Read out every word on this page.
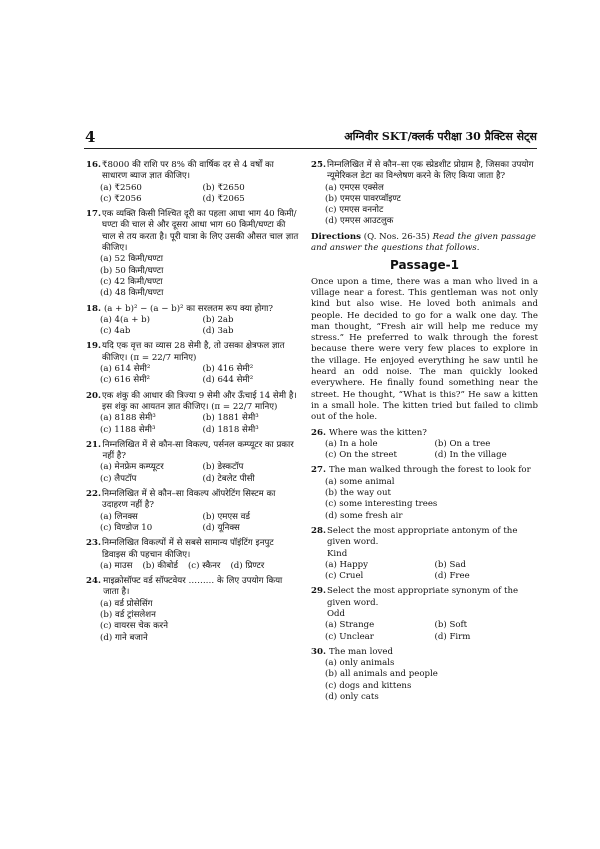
4	अग्निवीर SKT/क्लर्क परीक्षा 30 प्रैक्टिस सेट्स
16. ₹8000 की राशि पर 8% की वार्षिक दर से 4 वर्षों का साधारण ब्याज ज्ञात कीजिए।
(a) ₹2560	(b) ₹2650
(c) ₹2056	(d) ₹2065
17. एक व्यक्ति किसी निश्चित दूरी का पहला आधा भाग 40 किमी/घण्टा की चाल से और दूसरा आधा भाग 60 किमी/घण्टा की चाल से तय करता है। पूरी यात्रा के लिए उसकी औसत चाल ज्ञात कीजिए।
(a) 52 किमी/घण्टा
(b) 50 किमी/घण्टा
(c) 42 किमी/घण्टा
(d) 48 किमी/घण्टा
18. (a + b)² − (a − b)² का सरलतम रूप क्या होगा?
(a) 4(a + b)	(b) 2ab
(c) 4ab	(d) 3ab
19. यदि एक वृत्त का व्यास 28 सेमी है, तो उसका क्षेत्रफल ज्ञात कीजिए। (π = 22/7 मानिए)
(a) 614 सेमी²	(b) 416 सेमी²
(c) 616 सेमी²	(d) 644 सेमी²
20. एक शंकु की आधार की त्रिज्या 9 सेमी और ऊँचाई 14 सेमी है। इस शंकु का आयतन ज्ञात कीजिए। (π = 22/7 मानिए)
(a) 8188 सेमी³	(b) 1881 सेमी³
(c) 1188 सेमी³	(d) 1818 सेमी³
21. निम्नलिखित में से कौन-सा विकल्प, पर्सनल कम्प्यूटर का प्रकार नहीं है?
(a) मेनफ्रेम कम्प्यूटर	(b) डेस्कटॉप
(c) लैपटॉप	(d) टेबलेट पीसी
22. निम्नलिखित में से कौन–सा विकल्प ऑपरेटिंग सिस्टम का उदाहरण नहीं है?
(a) लिनक्स	(b) एमएस वर्ड
(c) विण्डोज 10	(d) यूनिक्स
23. निम्नलिखित विकल्पों में से सबसे सामान्य पॉइंटिंग इनपुट डिवाइस की पहचान कीजिए।
(a) माउस (b) कीबोर्ड (c) स्कैनर (d) प्रिण्टर
24. माइक्रोसॉफ्ट वर्ड सॉफ्टवेयर ……… के लिए उपयोग किया जाता है।
(a) वर्ड प्रोसेसिंग
(b) वर्ड ट्रांसलेशन
(c) वायरस चेक करने
(d) गाने बजाने
25. निम्नलिखित में से कौन–सा एक स्प्रेडशीट प्रोग्राम है, जिसका उपयोग न्यूमेरिकल डेटा का विश्लेषण करने के लिए किया जाता है?
(a) एमएस एक्सेल
(b) एमएस पावरप्वॉइण्ट
(c) एमएस वननोट
(d) एमएस आउटलुक
Directions (Q. Nos. 26-35) Read the given passage and answer the questions that follows.
Passage-1
Once upon a time, there was a man who lived in a village near a forest. This gentleman was not only kind but also wise. He loved both animals and people. He decided to go for a walk one day. The man thought, “Fresh air will help me reduce my stress.” He preferred to walk through the forest because there were very few places to explore in the village. He enjoyed everything he saw until he heard an odd noise. The man quickly looked everywhere. He finally found something near the street. He thought, “What is this?” He saw a kitten in a small hole. The kitten tried but failed to climb out of the hole.
26. Where was the kitten?
(a) In a hole	(b) On a tree
(c) On the street	(d) In the village
27. The man walked through the forest to look for
(a) some animal
(b) the way out
(c) some interesting trees
(d) some fresh air
28. Select the most appropriate antonym of the given word.
Kind
(a) Happy	(b) Sad
(c) Cruel	(d) Free
29. Select the most appropriate synonym of the given word.
Odd
(a) Strange	(b) Soft
(c) Unclear	(d) Firm
30. The man loved
(a) only animals
(b) all animals and people
(c) dogs and kittens
(d) only cats
